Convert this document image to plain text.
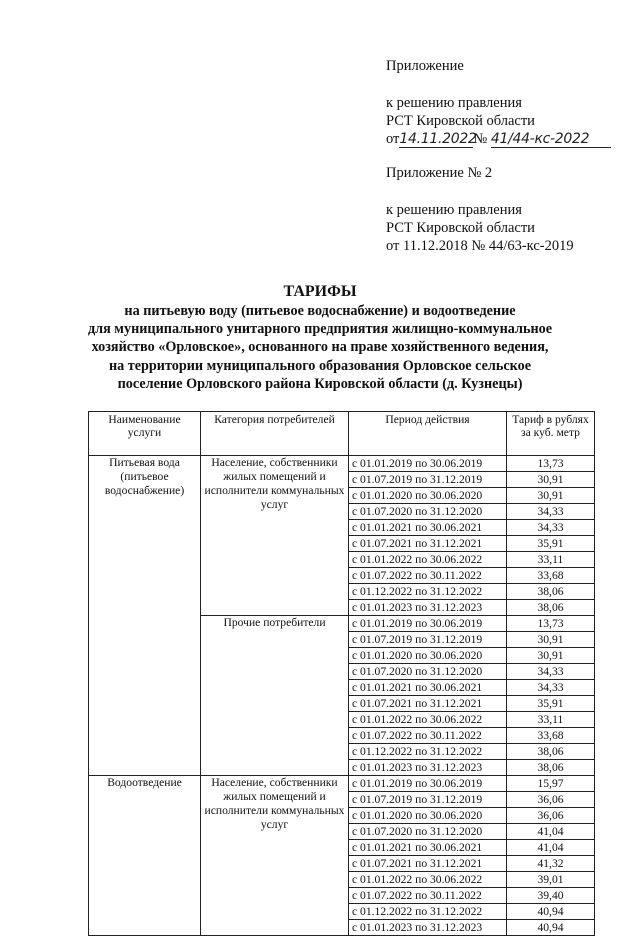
Приложение
к решению правления
РСТ Кировской области
от14.11.2022№ 41/44-кс-2022
Приложение № 2
к решению правления
РСТ Кировской области
от 11.12.2018 № 44/63-кс-2019
ТАРИФЫ
на питьевую воду (питьевое водоснабжение) и водоотведение
для муниципального унитарного предприятия жилищно-коммунальное
хозяйство «Орловское», основанного на праве хозяйственного ведения,
на территории муниципального образования Орловское сельское
поселение Орловского района Кировской области (д. Кузнецы)
Наименование услуги	Категория потребителей	Период действия	Тариф в рублях за куб. метр
Питьевая вода (питьевое водоснабжение)	Население, собственники жилых помещений и исполнители коммунальных услуг	с 01.01.2019 по 30.06.2019	13,73
		с 01.07.2019 по 31.12.2019	30,91
		с 01.01.2020 по 30.06.2020	30,91
		с 01.07.2020 по 31.12.2020	34,33
		с 01.01.2021 по 30.06.2021	34,33
		с 01.07.2021 по 31.12.2021	35,91
		с 01.01.2022 по 30.06.2022	33,11
		с 01.07.2022 по 30.11.2022	33,68
		с 01.12.2022 по 31.12.2022	38,06
		с 01.01.2023 по 31.12.2023	38,06
	Прочие потребители	с 01.01.2019 по 30.06.2019	13,73
		с 01.07.2019 по 31.12.2019	30,91
		с 01.01.2020 по 30.06.2020	30,91
		с 01.07.2020 по 31.12.2020	34,33
		с 01.01.2021 по 30.06.2021	34,33
		с 01.07.2021 по 31.12.2021	35,91
		с 01.01.2022 по 30.06.2022	33,11
		с 01.07.2022 по 30.11.2022	33,68
		с 01.12.2022 по 31.12.2022	38,06
		с 01.01.2023 по 31.12.2023	38,06
Водоотведение	Население, собственники жилых помещений и исполнители коммунальных услуг	с 01.01.2019 по 30.06.2019	15,97
		с 01.07.2019 по 31.12.2019	36,06
		с 01.01.2020 по 30.06.2020	36,06
		с 01.07.2020 по 31.12.2020	41,04
		с 01.01.2021 по 30.06.2021	41,04
		с 01.07.2021 по 31.12.2021	41,32
		с 01.01.2022 по 30.06.2022	39,01
		с 01.07.2022 по 30.11.2022	39,40
		с 01.12.2022 по 31.12.2022	40,94
		с 01.01.2023 по 31.12.2023	40,94
